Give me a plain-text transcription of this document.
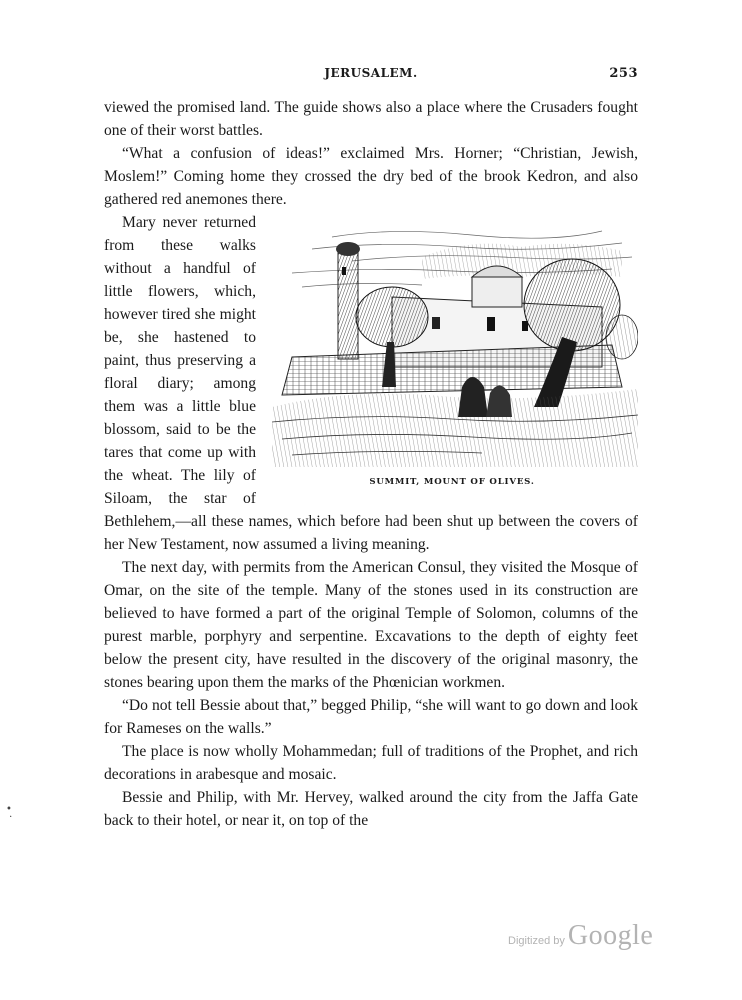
JERUSALEM.	253

viewed the promised land. The guide shows also a place where the Crusaders fought one of their worst battles.

“What a confusion of ideas!” exclaimed Mrs. Horner; “Christian, Jewish, Moslem!” Coming home they crossed the dry bed of the brook Kedron, and also gathered red anemones there.

SUMMIT, MOUNT OF OLIVES.

Mary never returned from these walks without a handful of little flowers, which, however tired she might be, she hastened to paint, thus preserving a floral diary; among them was a little blue blossom, said to be the tares that come up with the wheat. The lily of Siloam, the star of Bethlehem,—all these names, which before had been shut up between the covers of her New Testament, now assumed a living meaning.

The next day, with permits from the American Consul, they visited the Mosque of Omar, on the site of the temple. Many of the stones used in its construction are believed to have formed a part of the original Temple of Solomon, columns of the purest marble, porphyry and serpentine. Excavations to the depth of eighty feet below the present city, have resulted in the discovery of the original masonry, the stones bearing upon them the marks of the Phœnician workmen.

“Do not tell Bessie about that,” begged Philip, “she will want to go down and look for Rameses on the walls.”

The place is now wholly Mohammedan; full of traditions of the Prophet, and rich decorations in arabesque and mosaic.

Bessie and Philip, with Mr. Hervey, walked around the city from the Jaffa Gate back to their hotel, or near it, on top of the

•
·
Digitized by Google
